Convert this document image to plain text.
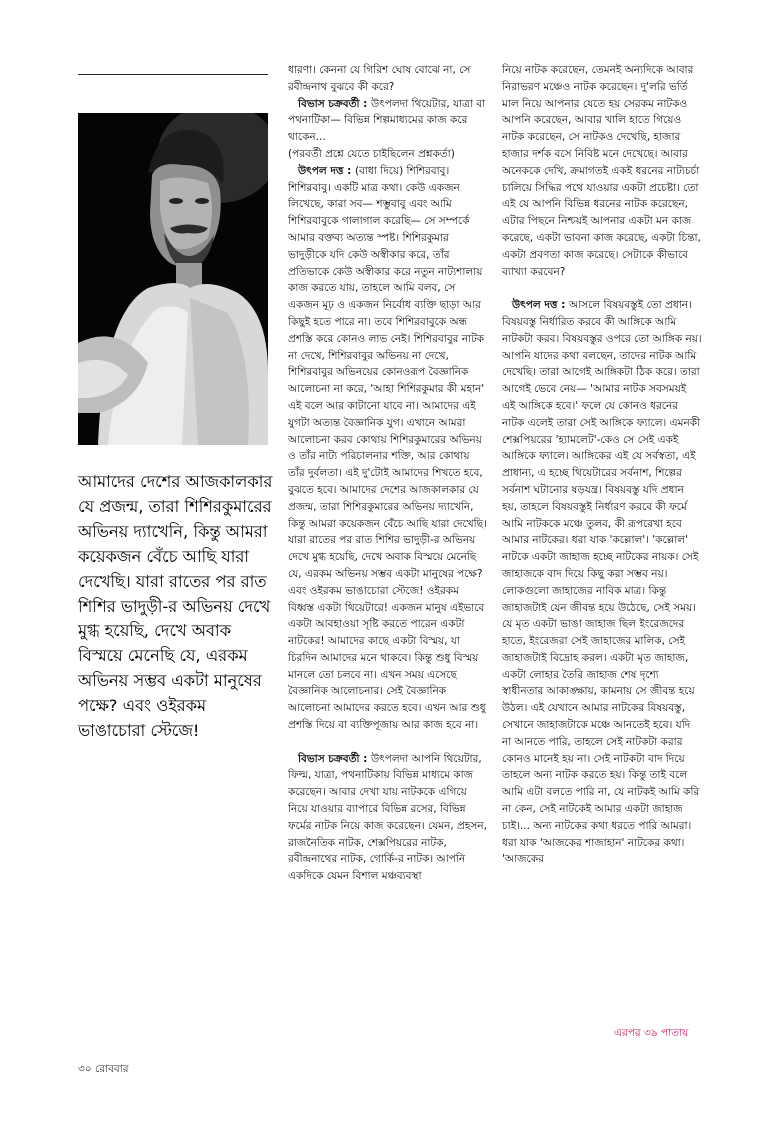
আমাদের দেশের আজকালকার যে প্রজন্ম, তারা শিশিরকুমারের অভিনয় দ্যাখেনি, কিন্তু আমরা কয়েকজন বেঁচে আছি যারা দেখেছি। যারা রাতের পর রাত শিশির ভাদুড়ী-র অভিনয় দেখে মুগ্ধ হয়েছি, দেখে অবাক বিস্ময়ে মেনেছি যে, এরকম অভিনয় সম্ভব একটা মানুষের পক্ষে? এবং ওইরকম ভাঙাচোরা স্টেজে!

ধারণা। কেননা যে গিরিশ ঘোষ বোঝে না, সে রবীন্দ্রনাথ বুঝবে কী করে?

বিভাস চক্রবর্তী : উৎপলদা থিয়েটার, যাত্রা বা পথনাটিকা— বিভিন্ন শিল্পমাধ্যমের কাজ করে থাকেন...

(পরবর্তী প্রশ্নে যেতে চাইছিলেন প্রশ্নকর্তা)

উৎপল দত্ত : (বাধা দিয়ে) শিশিরবাবু। শিশিরবাবু। একটি মাত্র কথা। কেউ একজন লিখেছে, কারা সব— শম্ভুবাবু এবং আমি শিশিরবাবুকে গালাগাল করেছি— সে সম্পর্কে আমার বক্তব্য অত্যন্ত স্পষ্ট। শিশিরকুমার ভাদুড়ীকে যদি কেউ অস্বীকার করে, তাঁর প্রতিভাকে কেউ অস্বীকার করে নতুন নাট্যশালায় কাজ করতে যায়, তাহলে আমি বলব, সে একজন মূঢ় ও একজন নির্বোধ ব্যক্তি ছাড়া আর কিছুই হতে পারে না। তবে শিশিরবাবুকে অন্ধ প্রশস্তি করে কোনও লাভ নেই। শিশিরবাবুর নাটক না দেখে, শিশিরবাবুর অভিনয় না দেখে, শিশিরবাবুর অভিনয়ের কোনওরূপ বৈজ্ঞানিক আলোচনা না করে, 'আহা শিশিরকুমার কী মহান' এই বলে আর কাটানো যাবে না। আমাদের এই যুগটা অত্যন্ত বৈজ্ঞানিক যুগ। এখানে আমরা আলোচনা করব কোথায় শিশিরকুমারের অভিনয় ও তাঁর নাট্য পরিচালনার শক্তি, আর কোথায় তাঁর দুর্বলতা। এই দু'টোই আমাদের শিখতে হবে, বুঝতে হবে। আমাদের দেশের আজকালকার যে প্রজন্ম, তারা শিশিরকুমারের অভিনয় দ্যাখেনি, কিন্তু আমরা কয়েকজন বেঁচে আছি যারা দেখেছি। যারা রাতের পর রাত শিশির ভাদুড়ী-র অভিনয় দেখে মুগ্ধ হয়েছি, দেখে অবাক বিস্ময়ে মেনেছি যে, এরকম অভিনয় সম্ভব একটা মানুষের পক্ষে? এবং ওইরকম ভাঙাচোরা স্টেজে! ওইরকম বিধ্বস্ত একটা থিয়েটারে! একজন মানুষ এইভাবে একটা আবহাওয়া সৃষ্টি করতে পারেন একটা নাটকের! আমাদের কাছে একটা বিস্ময়, যা চিরদিন আমাদের মনে থাকবে। কিন্তু শুধু বিস্ময় মানলে তো চলবে না। এখন সময় এসেছে বৈজ্ঞানিক আলোচনার। সেই বৈজ্ঞানিক আলোচনা আমাদের করতে হবে। এখন আর শুধু প্রশস্তি দিয়ে বা ব্যক্তিপূজায় আর কাজ হবে না।

বিভাস চক্রবর্তী : উৎপলদা আপনি থিয়েটার, ফিল্ম, যাত্রা, পথনাটিকায় বিভিন্ন মাধ্যমে কাজ করেছেন। আবার দেখা যায় নাটককে এগিয়ে নিয়ে যাওয়ার ব্যাপারে বিভিন্ন রসের, বিভিন্ন ফর্মের নাটক নিয়ে কাজ করেছেন। যেমন, প্রহসন, রাজনৈতিক নাটক, শেক্সপিয়রের নাটক, রবীন্দ্রনাথের নাটক, গোর্কি-র নাটক। আপনি একদিকে যেমন বিশাল মঞ্চব্যবস্থা

নিয়ে নাটক করেছেন, তেমনই অন্যদিকে আবার নিরাভরণ মঞ্চেও নাটক করেছেন। দু'লরি ভর্তি মাল নিয়ে আপনার যেতে হয় সেরকম নাটকও আপনি করেছেন, আবার খালি হাতে গিয়েও নাটক করেছেন, সে নাটকও দেখেছি, হাজার হাজার দর্শক বসে নিবিষ্ট মনে দেখেছে। আবার অনেককে দেখি, ক্রমাগতই একই ধরনের নাট্যচর্চা চালিয়ে সিদ্ধির পথে যাওয়ার একটা প্রচেষ্টা। তো এই যে আপনি বিভিন্ন ধরনের নাটক করেছেন, এটার পিছনে নিশ্চয়ই আপনার একটা মন কাজ করেছে, একটা ভাবনা কাজ করেছে, একটা চিন্তা, একটা প্রবণতা কাজ করেছে। সেটাকে কীভাবে ব্যাখ্যা করবেন?

উৎপল দত্ত : আসলে বিষয়বস্তুই তো প্রধান। বিষয়বস্তু নির্ধারিত করবে কী আঙ্গিকে আমি নাটকটা করব। বিষয়বস্তুর ওপরে তো আঙ্গিক নয়। আপনি যাদের কথা বলছেন, তাদের নাটক আমি দেখেছি। তারা আগেই আঙ্গিকটা ঠিক করে। তারা আগেই ভেবে নেয়— 'আমার নাটক সবসময়ই এই আঙ্গিকে হবে।' ফলে যে কোনও ধরনের নাটক এলেই তারা সেই আঙ্গিকে ফ্যালে। এমনকী শেক্সপিয়রের 'হ্যামলেট'-কেও সে সেই একই আঙ্গিকে ফ্যালে। আঙ্গিকের এই যে সর্বস্বতা, এই প্রাধান্য, এ হচ্ছে থিয়েটারের সর্বনাশ, শিল্পের সর্বনাশ ঘটানোর ষড়যন্ত্র। বিষয়বস্তু যদি প্রধান হয়, তাহলে বিষয়বস্তুই নির্ধারণ করবে কী ফর্মে আমি নাটককে মঞ্চে তুলব, কী রূপরেখা হবে আমার নাটকের। ধরা যাক 'কল্লোল'। 'কল্লোল' নাটকে একটা জাহাজ হচ্ছে নাটকের নায়ক। সেই জাহাজকে বাদ দিয়ে কিছু করা সম্ভব নয়। লোকগুলো জাহাজের নাবিক মাত্র। কিন্তু জাহাজটাই যেন জীবন্ত হয়ে উঠেছে, সেই সময়। যে মৃত একটা ভাঙা জাহাজ ছিল ইংরেজদের হাতে, ইংরেজরা সেই জাহাজের মালিক, সেই জাহাজটাই বিদ্রোহ করল। একটা মৃত জাহাজ, একটা লোহার তৈরি জাহাজ শেষ দৃশ্যে স্বাধীনতার আকাঙ্ক্ষায়, কামনায় সে জীবন্ত হয়ে উঠল। এই যেখানে আমার নাটকের বিষয়বস্তু, সেখানে জাহাজটাকে মঞ্চে আনতেই হবে। যদি না আনতে পারি, তাহলে সেই নাটকটা করার কোনও মানেই হয় না। সেই নাটকটা বাদ দিয়ে তাহলে অন্য নাটক করতে হয়। কিন্তু তাই বলে আমি এটা বলতে পারি না, যে নাটকই আমি করি না কেন, সেই নাটকেই আমার একটা জাহাজ চাই।... অন্য নাটকের কথা ধরতে পারি আমরা। ধরা যাক 'আজকের শাজাহান' নাটকের কথা। 'আজকের

এরপর ৩৯ পাতায়
৩০ রোববার
